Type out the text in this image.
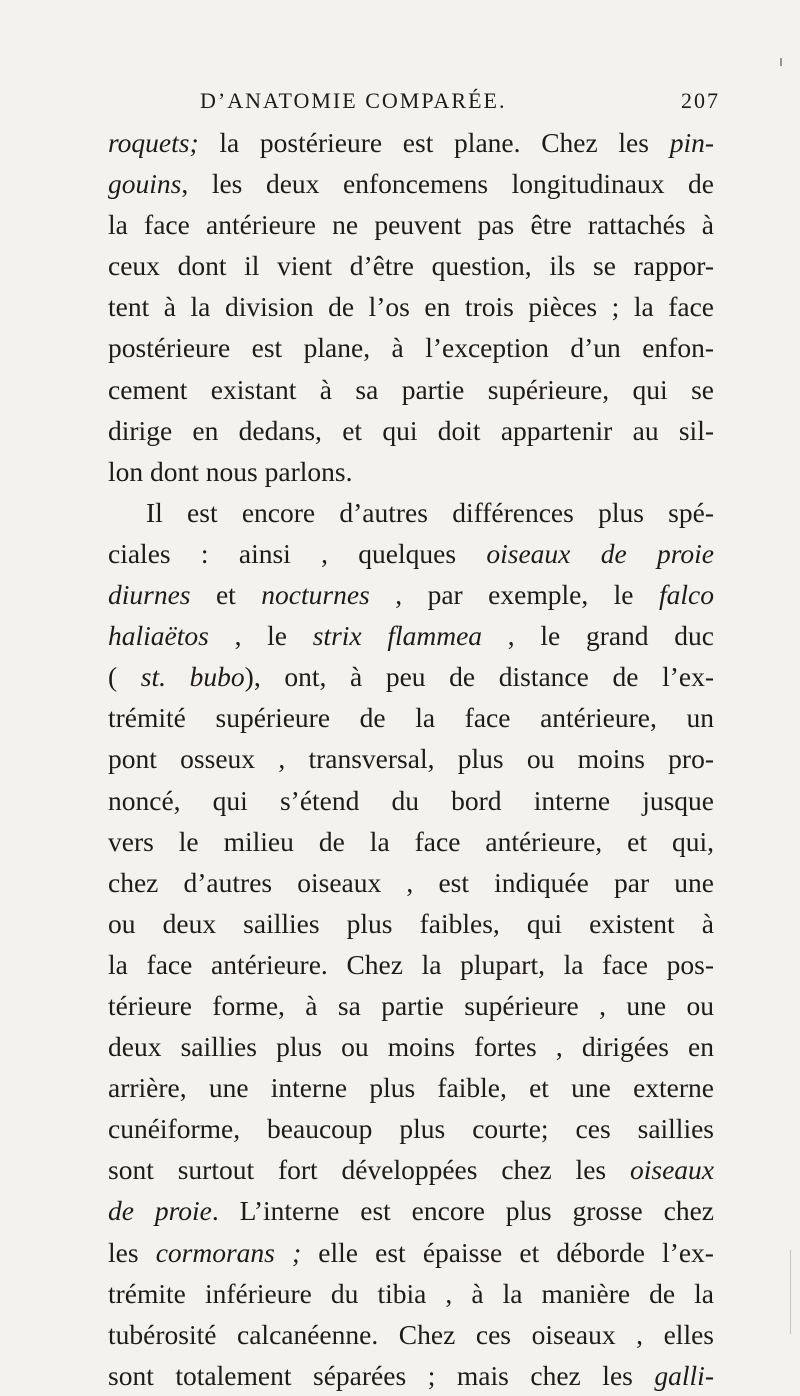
D’ANATOMIE COMPARÉE.	207
roquets; la postérieure est plane. Chez les pin-
gouins, les deux enfoncemens longitudinaux de
la face antérieure ne peuvent pas être rattachés à
ceux dont il vient d’être question, ils se rappor-
tent à la division de l’os en trois pièces ; la face
postérieure est plane, à l’exception d’un enfon-
cement existant à sa partie supérieure, qui se
dirige en dedans, et qui doit appartenir au sil-
lon dont nous parlons.
Il est encore d’autres différences plus spé-
ciales : ainsi , quelques oiseaux de proie
diurnes et nocturnes , par exemple, le falco
haliaëtos , le strix flammea , le grand duc
( st. bubo), ont, à peu de distance de l’ex-
trémité supérieure de la face antérieure, un
pont osseux , transversal, plus ou moins pro-
noncé, qui s’étend du bord interne jusque
vers le milieu de la face antérieure, et qui,
chez d’autres oiseaux , est indiquée par une
ou deux saillies plus faibles, qui existent à
la face antérieure. Chez la plupart, la face pos-
térieure forme, à sa partie supérieure , une ou
deux saillies plus ou moins fortes , dirigées en
arrière, une interne plus faible, et une externe
cunéiforme, beaucoup plus courte; ces saillies
sont surtout fort développées chez les oiseaux
de proie. L’interne est encore plus grosse chez
les cormorans ; elle est épaisse et déborde l’ex-
trémite inférieure du tibia , à la manière de la
tubérosité calcanéenne. Chez ces oiseaux , elles
sont totalement séparées ; mais chez les galli-
